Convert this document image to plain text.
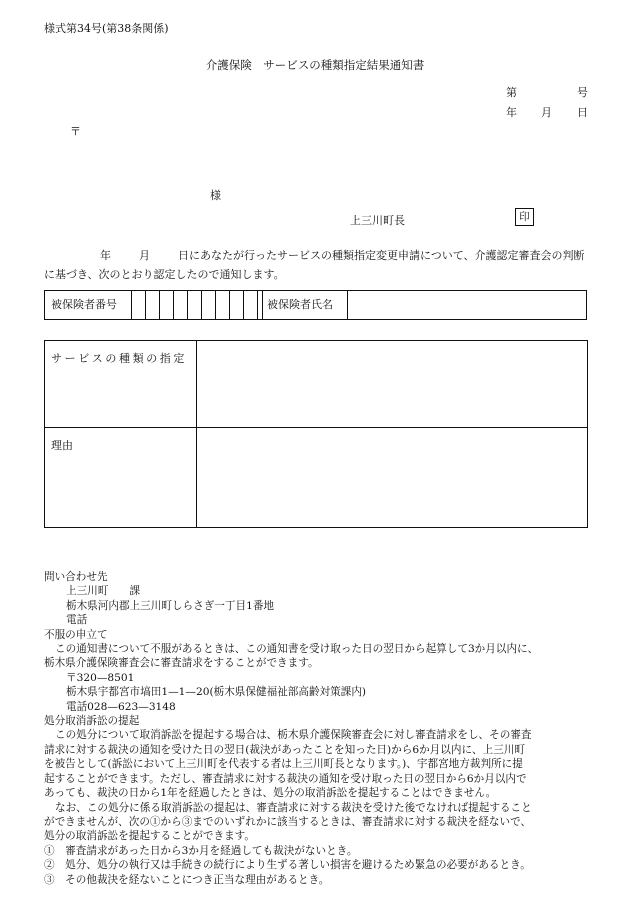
様式第34号(第38条関係)
介護保険　サービスの種類指定結果通知書
第	号
年 月 日
〒
様
上三川町長	印
年	月	日にあなたが行ったサービスの種類指定変更申請について、介護認定審査会の判断に基づき、次のとおり認定したので通知します。
被保険者番号	被保険者氏名
サービスの種類の指定
理由
問い合わせ先
上三川町　　課
栃木県河内郡上三川町しらさぎ一丁目1番地
電話
不服の申立て
この通知書について不服があるときは、この通知書を受け取った日の翌日から起算して3か月以内に、
栃木県介護保険審査会に審査請求をすることができます。
〒320—8501
栃木県宇都宮市塙田1—1—20(栃木県保健福祉部高齢対策課内)
電話028—623—3148
処分取消訴訟の提起
この処分について取消訴訟を提起する場合は、栃木県介護保険審査会に対し審査請求をし、その審査
請求に対する裁決の通知を受けた日の翌日(裁決があったことを知った日)から6か月以内に、上三川町
を被告として(訴訟において上三川町を代表する者は上三川町長となります。)、宇都宮地方裁判所に提
起することができます。ただし、審査請求に対する裁決の通知を受け取った日の翌日から6か月以内で
あっても、裁決の日から1年を経過したときは、処分の取消訴訟を提起することはできません。
なお、この処分に係る取消訴訟の提起は、審査請求に対する裁決を受けた後でなければ提起すること
ができませんが、次の①から③までのいずれかに該当するときは、審査請求に対する裁決を経ないで、
処分の取消訴訟を提起することができます。
①　審査請求があった日から3か月を経過しても裁決がないとき。
②　処分、処分の執行又は手続きの続行により生ずる著しい損害を避けるため緊急の必要があるとき。
③　その他裁決を経ないことにつき正当な理由があるとき。
